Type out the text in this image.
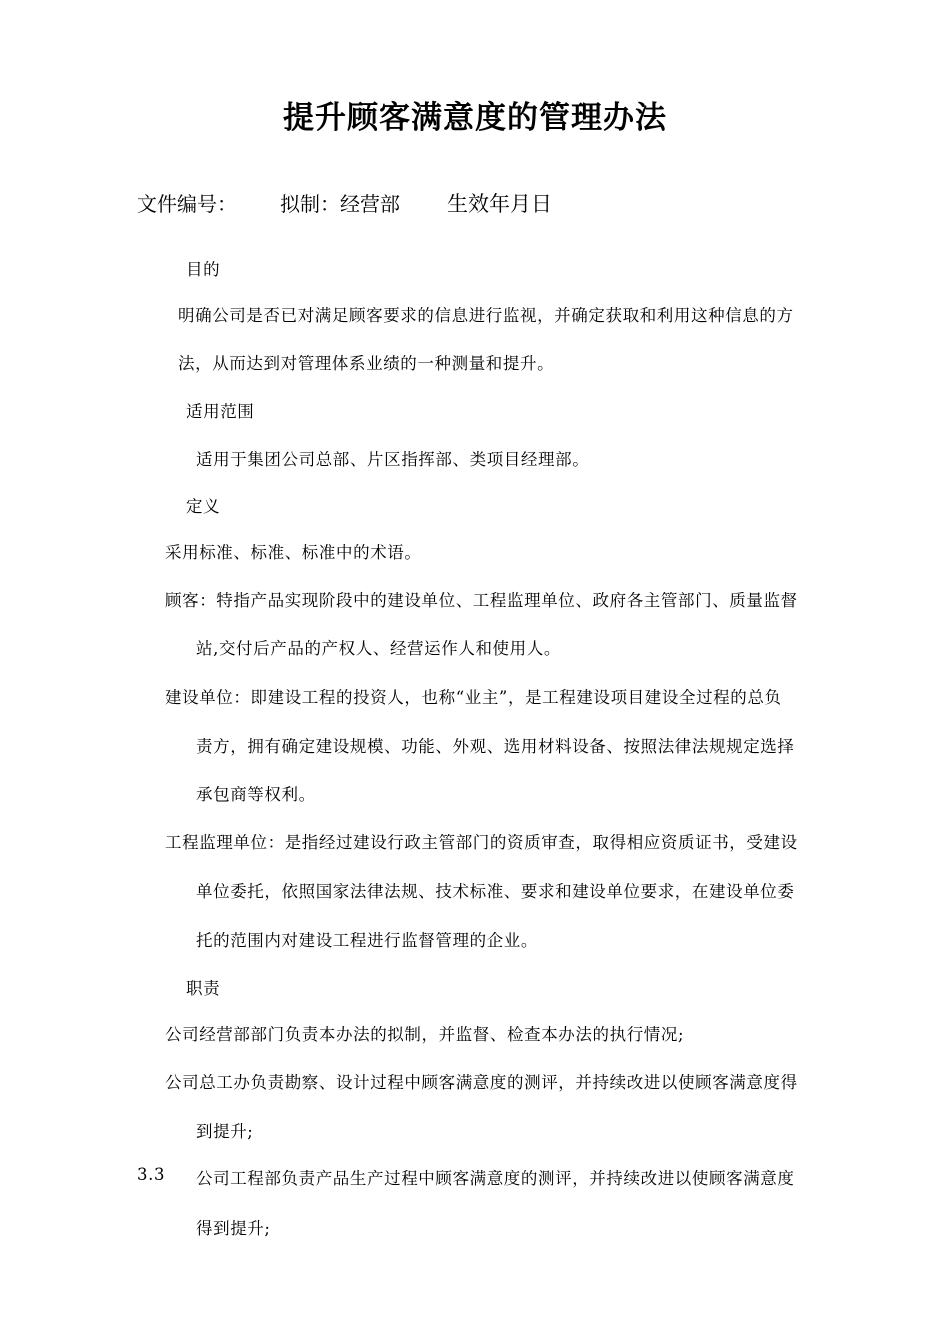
提升顾客满意度的管理办法
文件编号： 拟制：经营部 生效年月日
目的
明确公司是否已对满足顾客要求的信息进行监视，并确定获取和利用这种信息的方
法，从而达到对管理体系业绩的一种测量和提升。
适用范围
适用于集团公司总部、片区指挥部、类项目经理部。
定义
采用标准、标准、标准中的术语。
顾客：特指产品实现阶段中的建设单位、工程监理单位、政府各主管部门、质量监督
站,交付后产品的产权人、经营运作人和使用人。
建设单位：即建设工程的投资人，也称“业主”，是工程建设项目建设全过程的总负
责方，拥有确定建设规模、功能、外观、选用材料设备、按照法律法规规定选择
承包商等权利。
工程监理单位：是指经过建设行政主管部门的资质审查，取得相应资质证书，受建设
单位委托，依照国家法律法规、技术标准、要求和建设单位要求，在建设单位委
托的范围内对建设工程进行监督管理的企业。
职责
公司经营部部门负责本办法的拟制，并监督、检查本办法的执行情况;
公司总工办负责勘察、设计过程中顾客满意度的测评，并持续改进以使顾客满意度得
到提升;
3.3 公司工程部负责产品生产过程中顾客满意度的测评，并持续改进以使顾客满意度
得到提升;
